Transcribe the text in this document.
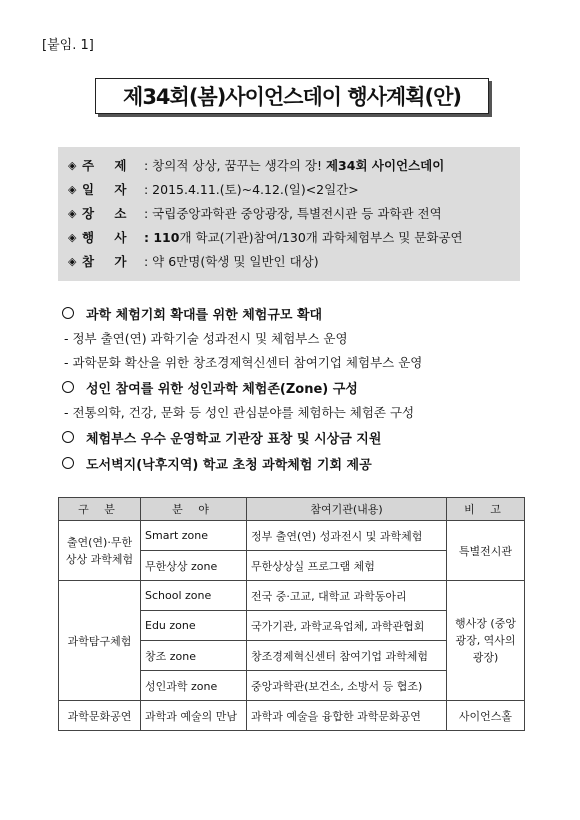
[붙임. 1]
제34회(봄)사이언스데이 행사계획(안)
◈ 주 제 : 창의적 상상, 꿈꾸는 생각의 장! 제34회 사이언스데이
◈ 일 자 : 2015.4.11.(토)~4.12.(일)<2일간>
◈ 장 소 : 국립중앙과학관 중앙광장, 특별전시관 등 과학관 전역
◈ 행 사 : 110 개 학교(기관)참여/130개 과학체험부스 및 문화공연
◈ 참 가 : 약 6만명(학생 및 일반인 대상)
과학 체험기회 확대를 위한 체험규모 확대
- 정부 출연(연) 과학기술 성과전시 및 체험부스 운영
- 과학문화 확산을 위한 창조경제혁신센터 참여기업 체험부스 운영
성인 참여를 위한 성인과학 체험존(Zone) 구성
- 전통의학, 건강, 문화 등 성인 관심분야를 체험하는 체험존 구성
체험부스 우수 운영학교 기관장 표창 및 시상금 지원
도서벽지(낙후지역) 학교 초청 과학체험 기회 제공
구 분	분 야	참여기관(내용)	비 고
출연(연)·무한상상 과학체험	Smart zone	정부 출연(연) 성과전시 및 과학체험	특별전시관
	무한상상 zone	무한상상실 프로그램 체험	
과학탐구체험	School zone	전국 중·고교, 대학교 과학동아리	행사장 (중앙광장, 역사의 광장)
	Edu zone	국가기관, 과학교육업체, 과학관협회	
	창조 zone	창조경제혁신센터 참여기업 과학체험	
	성인과학 zone	중앙과학관(보건소, 소방서 등 협조)	
과학문화공연	과학과 예술의 만남	과학과 예술을 융합한 과학문화공연	사이언스홀
